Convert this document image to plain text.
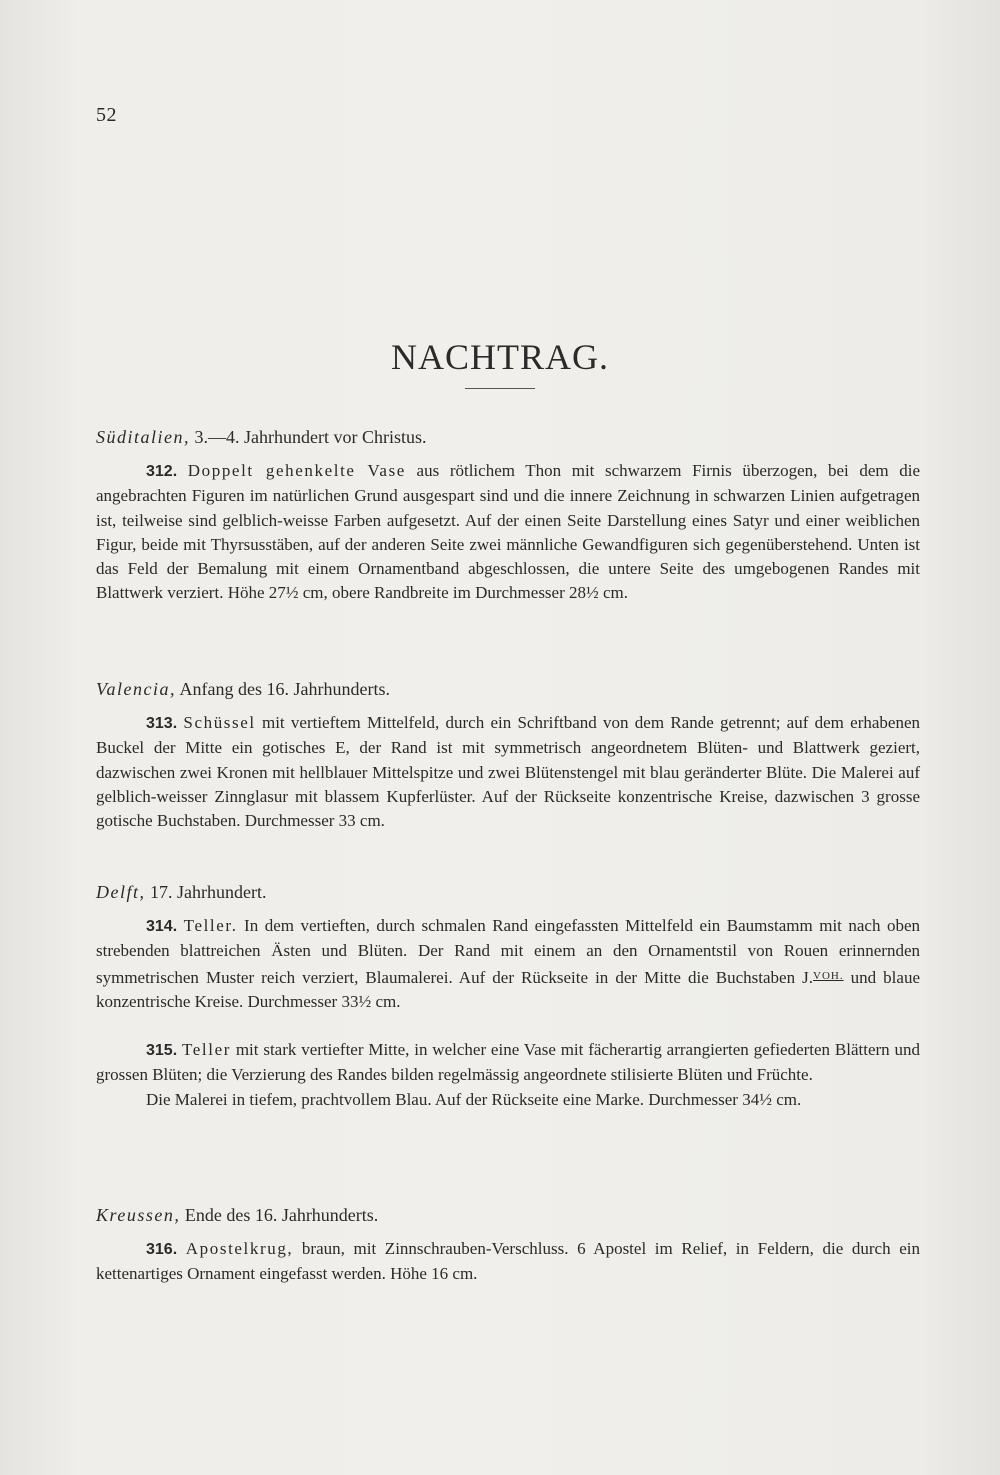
52
NACHTRAG.
Süditalien, 3.—4. Jahrhundert vor Christus.

312. Doppelt gehenkelte Vase aus rötlichem Thon mit schwarzem Firnis überzogen, bei dem die angebrachten Figuren im natürlichen Grund ausgespart sind und die innere Zeichnung in schwarzen Linien aufgetragen ist, teilweise sind gelblich-weisse Farben aufgesetzt. Auf der einen Seite Darstellung eines Satyr und einer weiblichen Figur, beide mit Thyrsusstäben, auf der anderen Seite zwei männliche Gewandfiguren sich gegenüberstehend. Unten ist das Feld der Bemalung mit einem Ornamentband abgeschlossen, die untere Seite des umgebogenen Randes mit Blattwerk verziert. Höhe 27½ cm, obere Randbreite im Durchmesser 28½ cm.

Valencia, Anfang des 16. Jahrhunderts.

313. Schüssel mit vertieftem Mittelfeld, durch ein Schriftband von dem Rande getrennt; auf dem erhabenen Buckel der Mitte ein gotisches E, der Rand ist mit symmetrisch angeordnetem Blüten- und Blattwerk geziert, dazwischen zwei Kronen mit hellblauer Mittelspitze und zwei Blütenstengel mit blau geränderter Blüte. Die Malerei auf gelblich-weisser Zinnglasur mit blassem Kupferlüster. Auf der Rückseite konzentrische Kreise, dazwischen 3 grosse gotische Buchstaben. Durchmesser 33 cm.

Delft, 17. Jahrhundert.

314. Teller. In dem vertieften, durch schmalen Rand eingefassten Mittelfeld ein Baumstamm mit nach oben strebenden blattreichen Ästen und Blüten. Der Rand mit einem an den Ornamentstil von Rouen erinnernden symmetrischen Muster reich verziert, Blaumalerei. Auf der Rückseite in der Mitte die Buchstaben J.$^{VOH.}$ und blaue konzentrische Kreise. Durchmesser 33½ cm.

315. Teller mit stark vertiefter Mitte, in welcher eine Vase mit fächerartig arrangierten gefiederten Blättern und grossen Blüten; die Verzierung des Randes bilden regelmässig angeordnete stilisierte Blüten und Früchte.

Die Malerei in tiefem, prachtvollem Blau. Auf der Rückseite eine Marke. Durchmesser 34½ cm.

Kreussen, Ende des 16. Jahrhunderts.

316. Apostelkrug, braun, mit Zinnschrauben-Verschluss. 6 Apostel im Relief, in Feldern, die durch ein kettenartiges Ornament eingefasst werden. Höhe 16 cm.
